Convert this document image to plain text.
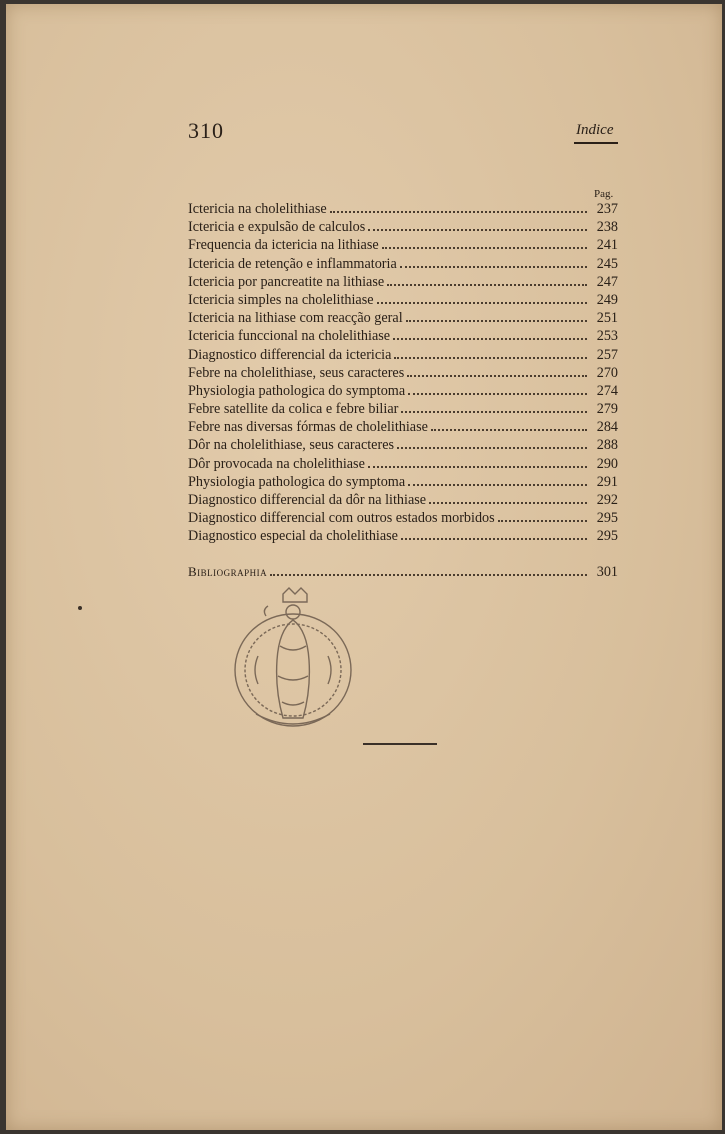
310	Indice
Pag.
Ictericia na cholelithiase	237
Ictericia e expulsão de calculos	238
Frequencia da ictericia na lithiase	241
Ictericia de retenção e inflammatoria	245
Ictericia por pancreatite na lithiase	247
Ictericia simples na cholelithiase	249
Ictericia na lithiase com reacção geral	251
Ictericia funccional na cholelithiase	253
Diagnostico differencial da ictericia	257
Febre na cholelithiase, seus caracteres	270
Physiologia pathologica do symptoma	274
Febre satellite da colica e febre biliar	279
Febre nas diversas fórmas de cholelithiase	284
Dôr na cholelithiase, seus caracteres	288
Dôr provocada na cholelithiase	290
Physiologia pathologica do symptoma	291
Diagnostico differencial da dôr na lithiase	292
Diagnostico differencial com outros estados morbidos	295
Diagnostico especial da cholelithiase	295
Bibliographia	301
